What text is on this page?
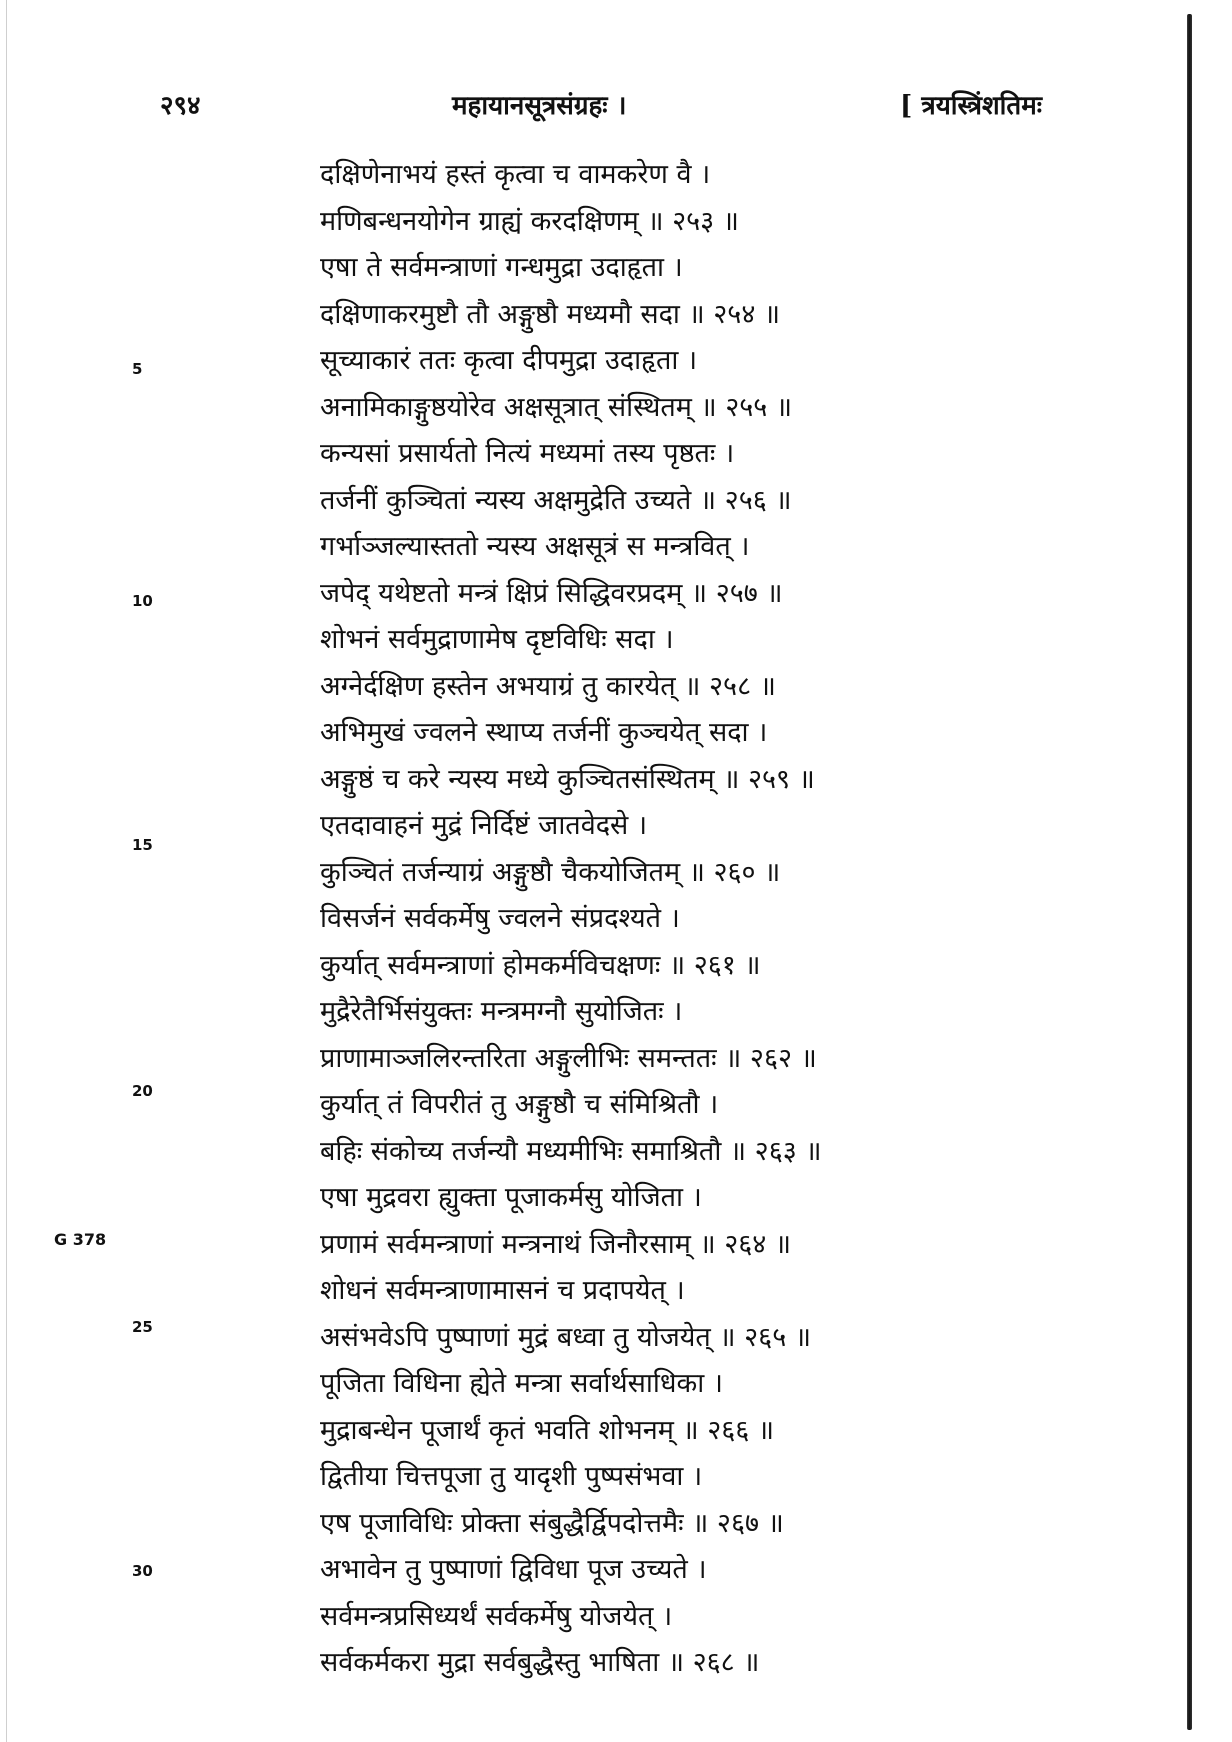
२९४	महायानसूत्रसंग्रहः ।	[ त्रयस्त्रिंशतिमः
दक्षिणेनाभयं हस्तं कृत्वा च वामकरेण वै ।
मणिबन्धनयोगेन ग्राह्यं करदक्षिणम् ॥ २५३ ॥
एषा ते सर्वमन्त्राणां गन्धमुद्रा उदाहृता ।
दक्षिणाकरमुष्टौ तौ अङ्गुष्ठौ मध्यमौ सदा ॥ २५४ ॥
सूच्याकारं ततः कृत्वा दीपमुद्रा उदाहृता ।
अनामिकाङ्गुष्ठयोरेव अक्षसूत्रात् संस्थितम् ॥ २५५ ॥
कन्यसां प्रसार्यतो नित्यं मध्यमां तस्य पृष्ठतः ।
तर्जनीं कुञ्चितां न्यस्य अक्षमुद्रेति उच्यते ॥ २५६ ॥
गर्भाञ्जल्यास्ततो न्यस्य अक्षसूत्रं स मन्त्रवित् ।
जपेद् यथेष्टतो मन्त्रं क्षिप्रं सिद्धिवरप्रदम् ॥ २५७ ॥
शोभनं सर्वमुद्राणामेष दृष्टविधिः सदा ।
अग्नेर्दक्षिण हस्तेन अभयाग्रं तु कारयेत् ॥ २५८ ॥
अभिमुखं ज्वलने स्थाप्य तर्जनीं कुञ्चयेत् सदा ।
अङ्गुष्ठं च करे न्यस्य मध्ये कुञ्चितसंस्थितम् ॥ २५९ ॥
एतदावाहनं मुद्रं निर्दिष्टं जातवेदसे ।
कुञ्चितं तर्जन्याग्रं अङ्गुष्ठौ चैकयोजितम् ॥ २६० ॥
विसर्जनं सर्वकर्मेषु ज्वलने संप्रदश्यते ।
कुर्यात् सर्वमन्त्राणां होमकर्मविचक्षणः ॥ २६१ ॥
मुद्रैरेतैर्भिसंयुक्तः मन्त्रमग्नौ सुयोजितः ।
प्राणामाञ्जलिरन्तरिता अङ्गुलीभिः समन्ततः ॥ २६२ ॥
कुर्यात् तं विपरीतं तु अङ्गुष्ठौ च संमिश्रितौ ।
बहिः संकोच्य तर्जन्यौ मध्यमीभिः समाश्रितौ ॥ २६३ ॥
एषा मुद्रवरा ह्युक्ता पूजाकर्मसु योजिता ।
प्रणामं सर्वमन्त्राणां मन्त्रनाथं जिनौरसाम् ॥ २६४ ॥
शोधनं सर्वमन्त्राणामासनं च प्रदापयेत् ।
असंभवेऽपि पुष्पाणां मुद्रं बध्वा तु योजयेत् ॥ २६५ ॥
पूजिता विधिना ह्येते मन्त्रा सर्वार्थसाधिका ।
मुद्राबन्धेन पूजार्थं कृतं भवति शोभनम् ॥ २६६ ॥
द्वितीया चित्तपूजा तु यादृशी पुष्पसंभवा ।
एष पूजाविधिः प्रोक्ता संबुद्धैर्द्विपदोत्तमैः ॥ २६७ ॥
अभावेन तु पुष्पाणां द्विविधा पूज उच्यते ।
सर्वमन्त्रप्रसिध्यर्थं सर्वकर्मेषु योजयेत् ।
सर्वकर्मकरा मुद्रा सर्वबुद्धैस्तु भाषिता ॥ २६८ ॥
5
10
15
20
25
30
G 378
